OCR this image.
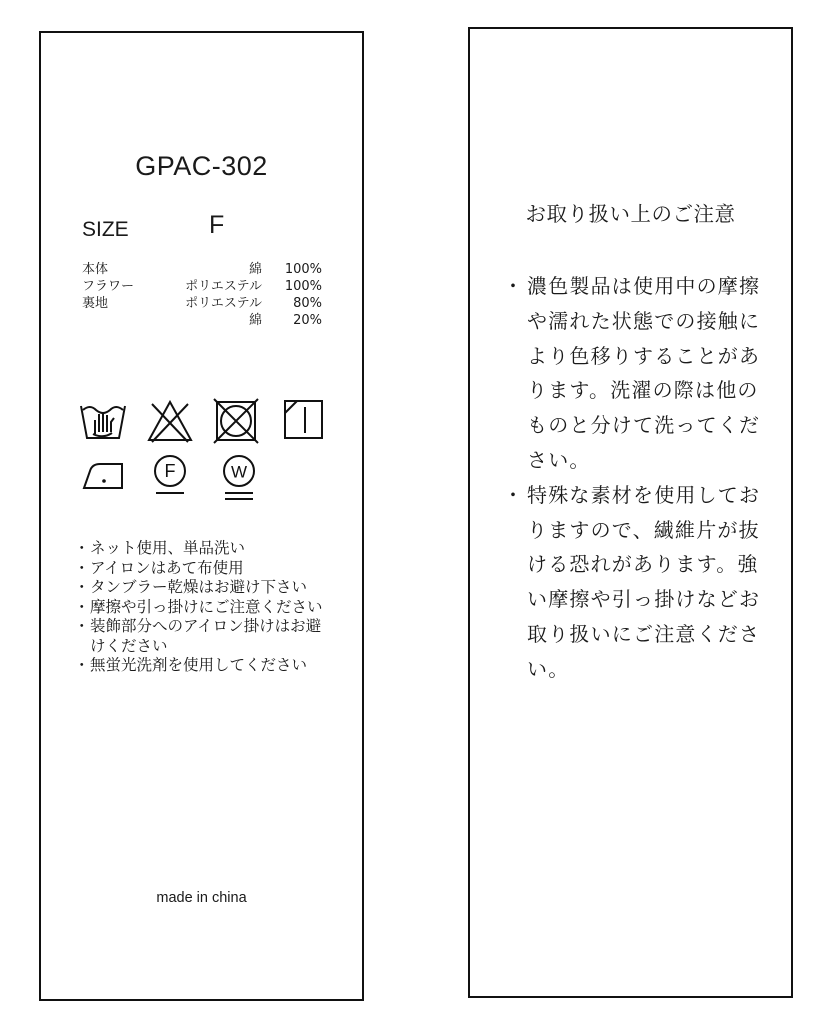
GPAC-302
SIZE	F
本体	綿 100%
フラワー	ポリエステル 100%
裏地	ポリエステル 80%
綿 20%
F	W
・ ネット使用、単品洗い
・ アイロンはあて布使用
・ タンブラー乾燥はお避け下さい
・ 摩擦や引っ掛けにご注意ください
・ 装飾部分へのアイロン掛けはお避けください
・ 無蛍光洗剤を使用してください
made in china
お取り扱い上のご注意
・ 濃色製品は使用中の摩擦や濡れた状態での接触により色移りすることがあります。洗濯の際は他のものと分けて洗ってください。
・ 特殊な素材を使用しておりますので、繊維片が抜ける恐れがあります。強い摩擦や引っ掛けなどお取り扱いにご注意ください。
